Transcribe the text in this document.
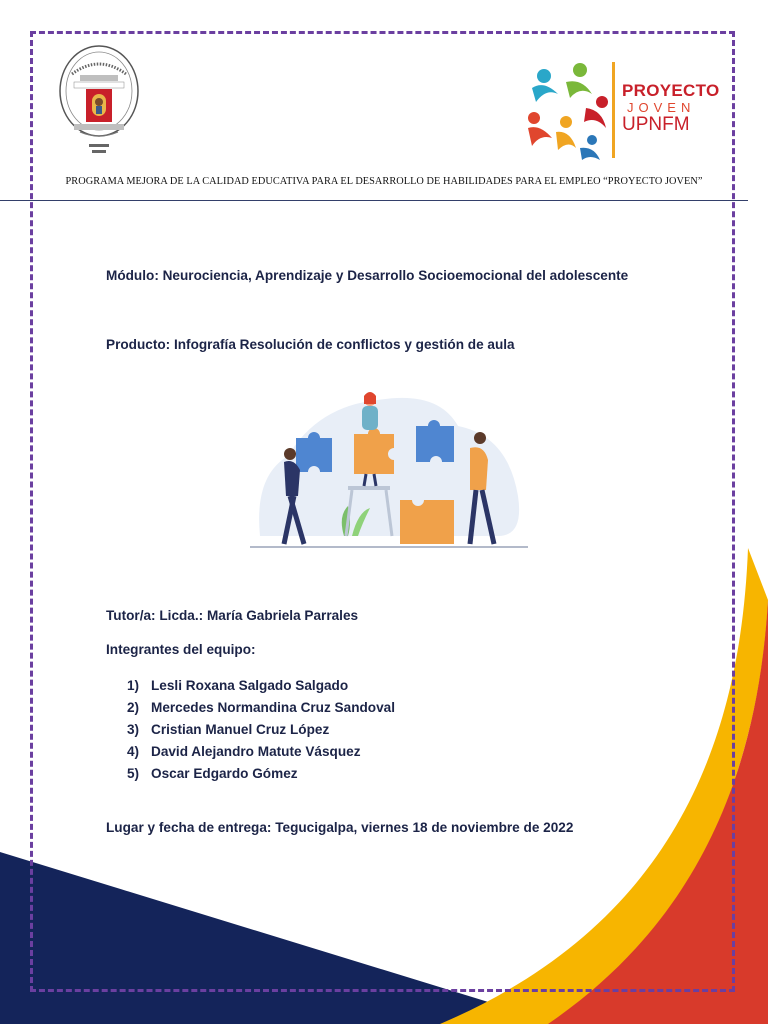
PROYECTO
JOVEN
UPNFM
PROGRAMA MEJORA DE LA CALIDAD EDUCATIVA PARA EL DESARROLLO DE HABILIDADES PARA EL EMPLEO “PROYECTO JOVEN”
Módulo: Neurociencia, Aprendizaje y Desarrollo Socioemocional del adolescente
Producto: Infografía Resolución de conflictos y gestión de aula
Tutor/a: Licda.: María Gabriela Parrales
Integrantes del equipo:
1) Lesli Roxana Salgado Salgado
2) Mercedes Normandina Cruz Sandoval
3) Cristian Manuel Cruz López
4) David Alejandro Matute Vásquez
5) Oscar Edgardo Gómez
Lugar y fecha de entrega: Tegucigalpa, viernes 18 de noviembre de 2022
